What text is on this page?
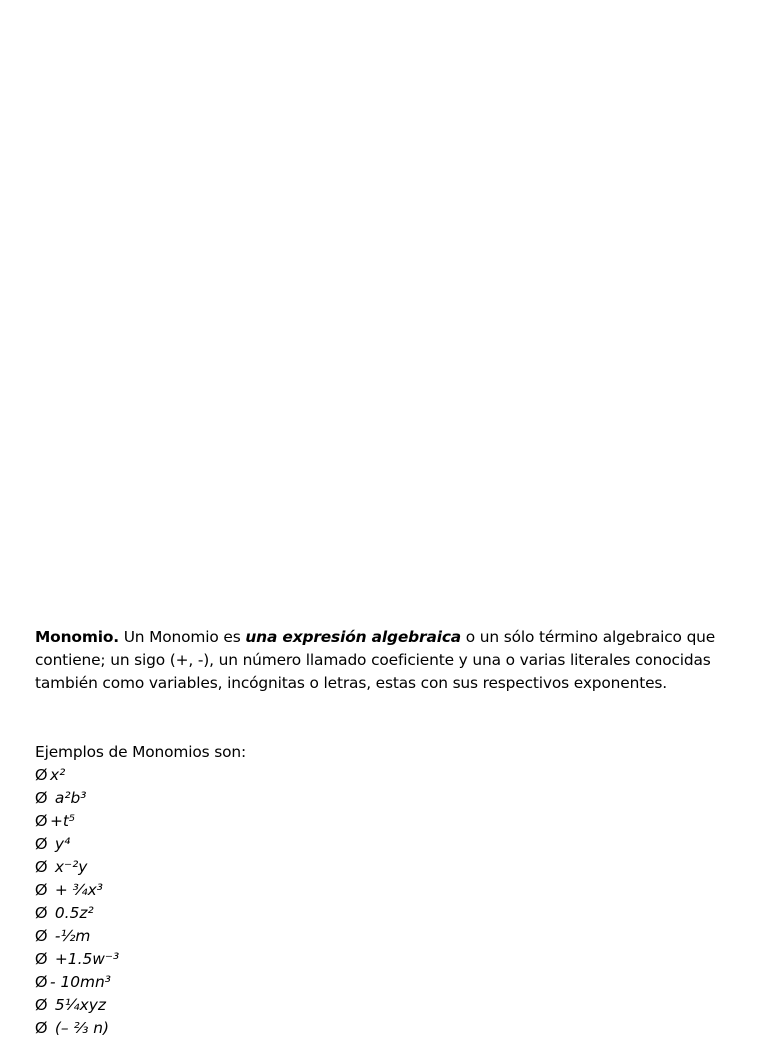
Monomio. Un Monomio es una expresión algebraica o un sólo término algebraico que contiene; un sigo (+, -), un número llamado coeficiente y una o varias literales conocidas también como variables, incógnitas o letras, estas con sus respectivos exponentes.

Ejemplos de Monomios son:

Ø x²
Ø a²b³
Ø +t⁵
Ø y⁴
Ø x⁻²y
Ø + ¾x³
Ø 0.5z²
Ø -½m
Ø +1.5w⁻³
Ø - 10mn³
Ø 5¼xyz
Ø (– ⅔ n)
